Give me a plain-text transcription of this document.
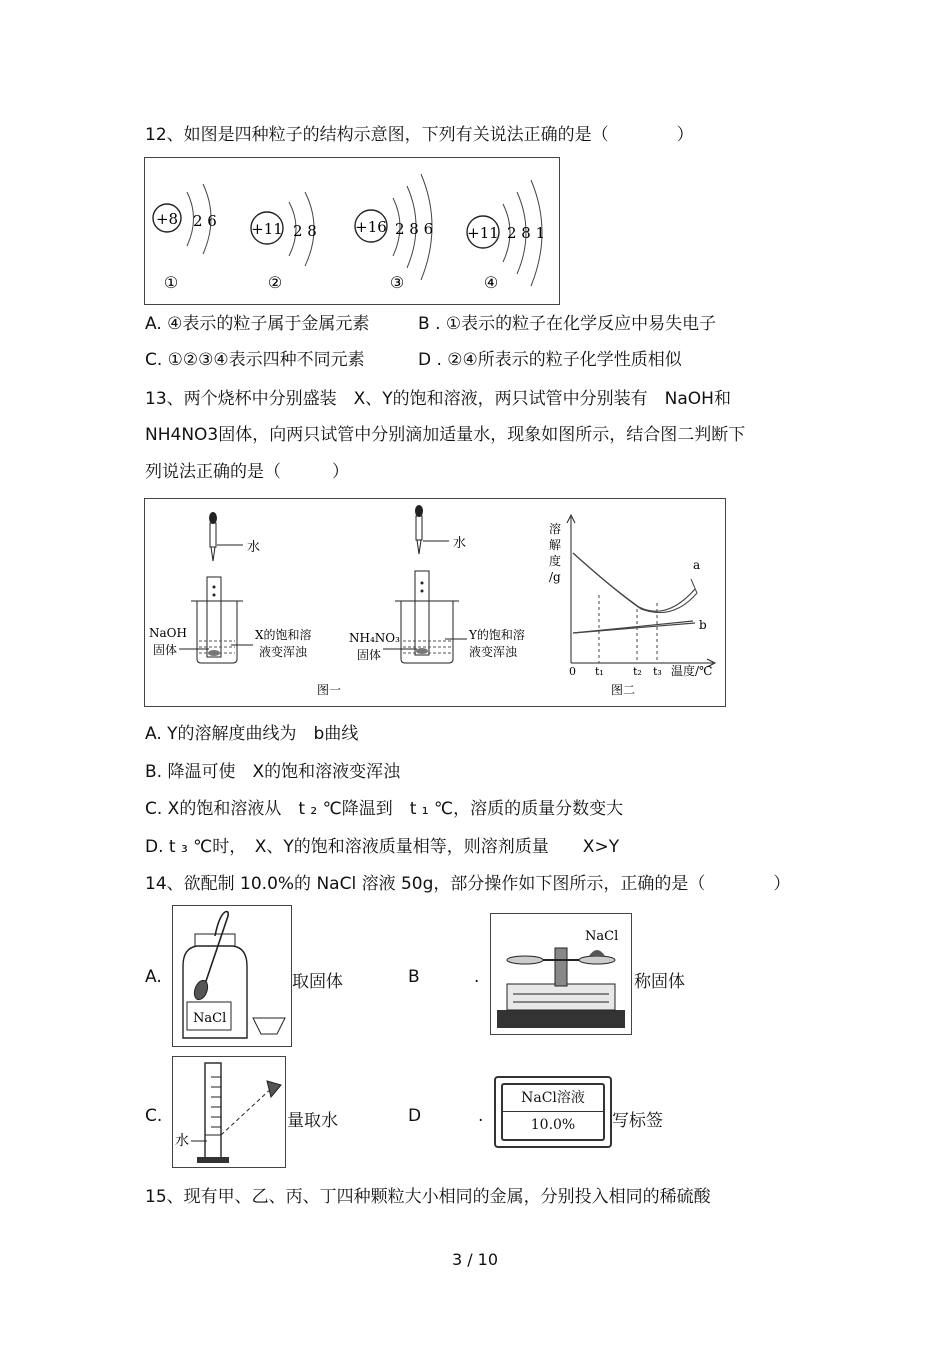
12、如图是四种粒子的结构示意图，下列有关说法正确的是（　　　　）
+8 2 6
①
+11 2 8
②
+16 2 8 6
③
+11 2 8 1
④
A. ④表示的粒子属于金属元素	B . ①表示的粒子在化学反应中易失电子
C. ①②③④表示四种不同元素	D . ②④所表示的粒子化学性质相似
13、两个烧杯中分别盛装　X、Y的饱和溶液，两只试管中分别装有　NaOH和
NH4NO3固体，向两只试管中分别滴加适量水，现象如图所示，结合图二判断下
列说法正确的是（　　　）
水
NaOH
固体
X的饱和溶
液变浑浊
图一
水
NH₄NO₃
固体
Y的饱和溶
液变浑浊
溶
解
度
/g
a
b
0 t₁	t₂ t₃ 温度/℃
图二
A. Y的溶解度曲线为　b曲线
B. 降温可使　X的饱和溶液变浑浊
C. X的饱和溶液从　t ₂ ℃降温到　t ₁ ℃，溶质的质量分数变大
D. t ₃ ℃时，　X、Y的饱和溶液质量相等，则溶剂质量　　X>Y
14、欲配制 10.0%的 NaCl 溶液 50g，部分操作如下图所示，正确的是（　　　　）
A.
NaCl
取固体	B	.
NaCl
称固体
C.
水
量取水	D	.
NaCl溶液
10.0%	写标签
15、现有甲、乙、丙、丁四种颗粒大小相同的金属，分别投入相同的稀硫酸
3 / 10
